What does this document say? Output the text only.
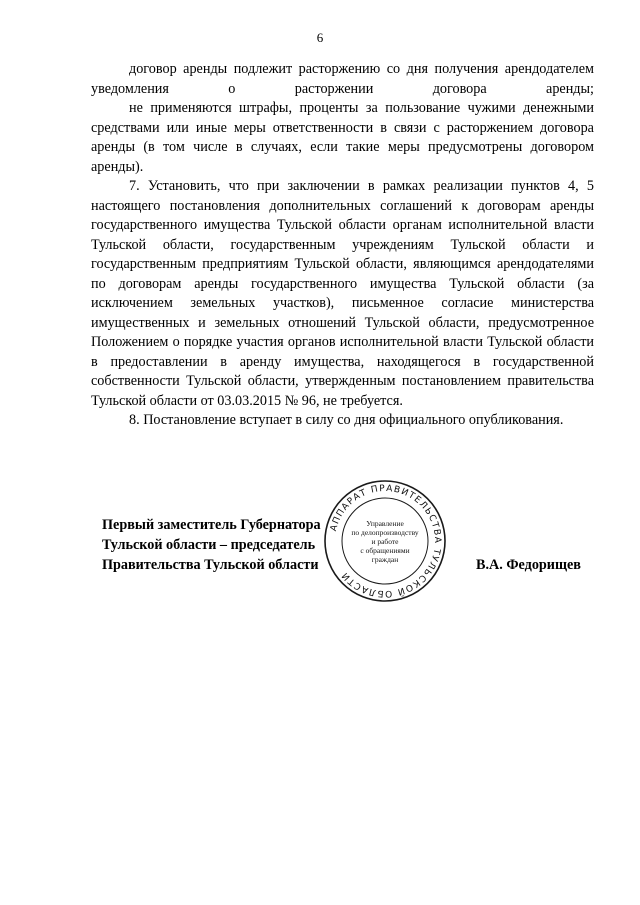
6

договор аренды подлежит расторжению со дня получения арендодателем уведомления о расторжении договора аренды;

не применяются штрафы, проценты за пользование чужими денежными средствами или иные меры ответственности в связи с расторжением договора аренды (в том числе в случаях, если такие меры предусмотрены договором аренды).

7. Установить, что при заключении в рамках реализации пунктов 4, 5 настоящего постановления дополнительных соглашений к договорам аренды государственного имущества Тульской области органам исполнительной власти Тульской области, государственным учреждениям Тульской области и государственным предприятиям Тульской области, являющимся арендодателями по договорам аренды государственного имущества Тульской области (за исключением земельных участков), письменное согласие министерства имущественных и земельных отношений Тульской области, предусмотренное Положением о порядке участия органов исполнительной власти Тульской области в предоставлении в аренду имущества, находящегося в государственной собственности Тульской области, утвержденным постановлением правительства Тульской области от 03.03.2015 № 96, не требуется.

8. Постановление вступает в силу со дня официального опубликования.

Первый заместитель Губернатора
Тульской области – председатель
Правительства Тульской области
АППАРАТ ПРАВИТЕЛЬСТВА ТУЛЬСКОЙ ОБЛАСТИ
Управление
по делопроизводству
и работе
с обращениями
граждан	В.А. Федорищев
